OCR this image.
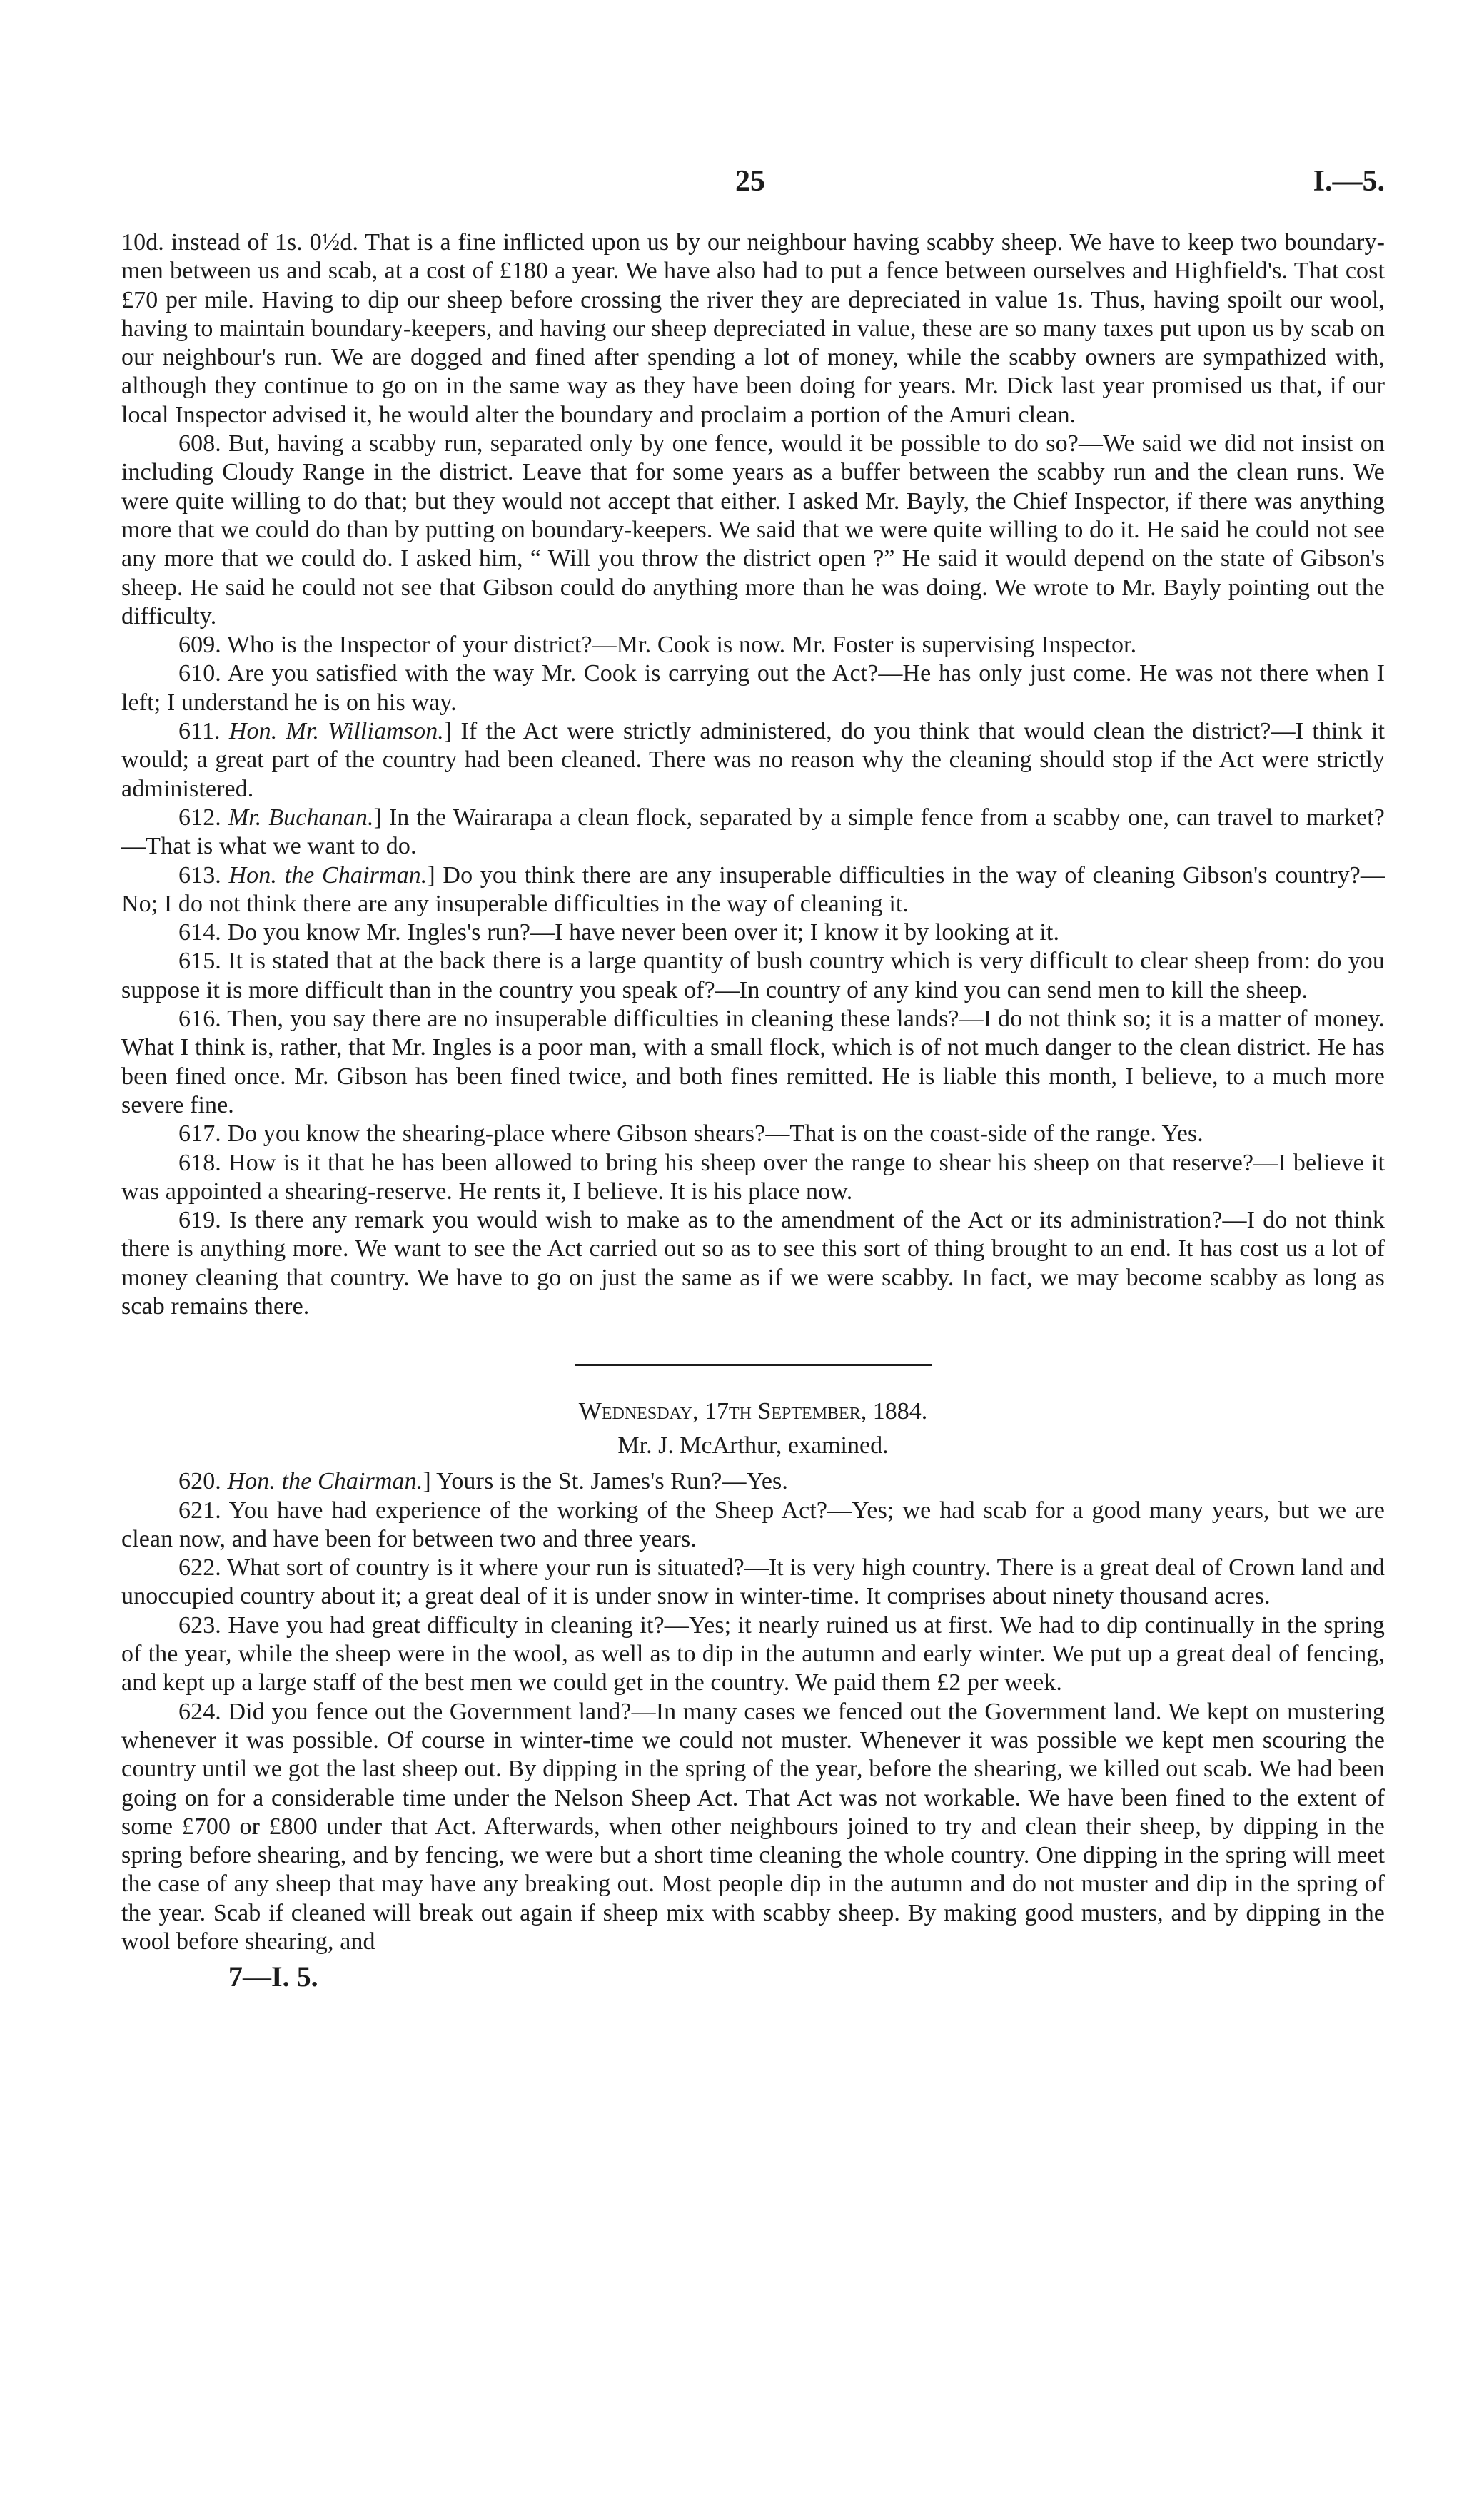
25	I.—5.

10d. instead of 1s. 0½d. That is a fine inflicted upon us by our neighbour having scabby sheep. We have to keep two boundary-men between us and scab, at a cost of £180 a year. We have also had to put a fence between ourselves and Highfield's. That cost £70 per mile. Having to dip our sheep before crossing the river they are depreciated in value 1s. Thus, having spoilt our wool, having to maintain boundary-keepers, and having our sheep depreciated in value, these are so many taxes put upon us by scab on our neighbour's run. We are dogged and fined after spending a lot of money, while the scabby owners are sympathized with, although they continue to go on in the same way as they have been doing for years. Mr. Dick last year promised us that, if our local Inspector advised it, he would alter the boundary and proclaim a portion of the Amuri clean.

608. But, having a scabby run, separated only by one fence, would it be possible to do so?—We said we did not insist on including Cloudy Range in the district. Leave that for some years as a buffer between the scabby run and the clean runs. We were quite willing to do that; but they would not accept that either. I asked Mr. Bayly, the Chief Inspector, if there was anything more that we could do than by putting on boundary-keepers. We said that we were quite willing to do it. He said he could not see any more that we could do. I asked him, “ Will you throw the district open ?” He said it would depend on the state of Gibson's sheep. He said he could not see that Gibson could do anything more than he was doing. We wrote to Mr. Bayly pointing out the difficulty.

609. Who is the Inspector of your district?—Mr. Cook is now. Mr. Foster is supervising Inspector.

610. Are you satisfied with the way Mr. Cook is carrying out the Act?—He has only just come. He was not there when I left; I understand he is on his way.

611. Hon. Mr. Williamson.] If the Act were strictly administered, do you think that would clean the district?—I think it would; a great part of the country had been cleaned. There was no reason why the cleaning should stop if the Act were strictly administered.

612. Mr. Buchanan.] In the Wairarapa a clean flock, separated by a simple fence from a scabby one, can travel to market?—That is what we want to do.

613. Hon. the Chairman.] Do you think there are any insuperable difficulties in the way of cleaning Gibson's country?—No; I do not think there are any insuperable difficulties in the way of cleaning it.

614. Do you know Mr. Ingles's run?—I have never been over it; I know it by looking at it.

615. It is stated that at the back there is a large quantity of bush country which is very difficult to clear sheep from: do you suppose it is more difficult than in the country you speak of?—In country of any kind you can send men to kill the sheep.

616. Then, you say there are no insuperable difficulties in cleaning these lands?—I do not think so; it is a matter of money. What I think is, rather, that Mr. Ingles is a poor man, with a small flock, which is of not much danger to the clean district. He has been fined once. Mr. Gibson has been fined twice, and both fines remitted. He is liable this month, I believe, to a much more severe fine.

617. Do you know the shearing-place where Gibson shears?—That is on the coast-side of the range. Yes.

618. How is it that he has been allowed to bring his sheep over the range to shear his sheep on that reserve?—I believe it was appointed a shearing-reserve. He rents it, I believe. It is his place now.

619. Is there any remark you would wish to make as to the amendment of the Act or its administration?—I do not think there is anything more. We want to see the Act carried out so as to see this sort of thing brought to an end. It has cost us a lot of money cleaning that country. We have to go on just the same as if we were scabby. In fact, we may become scabby as long as scab remains there.

Wednesday, 17th September, 1884.
Mr. J. McArthur, examined.

620. Hon. the Chairman.] Yours is the St. James's Run?—Yes.

621. You have had experience of the working of the Sheep Act?—Yes; we had scab for a good many years, but we are clean now, and have been for between two and three years.

622. What sort of country is it where your run is situated?—It is very high country. There is a great deal of Crown land and unoccupied country about it; a great deal of it is under snow in winter-time. It comprises about ninety thousand acres.

623. Have you had great difficulty in cleaning it?—Yes; it nearly ruined us at first. We had to dip continually in the spring of the year, while the sheep were in the wool, as well as to dip in the autumn and early winter. We put up a great deal of fencing, and kept up a large staff of the best men we could get in the country. We paid them £2 per week.

624. Did you fence out the Government land?—In many cases we fenced out the Government land. We kept on mustering whenever it was possible. Of course in winter-time we could not muster. Whenever it was possible we kept men scouring the country until we got the last sheep out. By dipping in the spring of the year, before the shearing, we killed out scab. We had been going on for a considerable time under the Nelson Sheep Act. That Act was not workable. We have been fined to the extent of some £700 or £800 under that Act. Afterwards, when other neighbours joined to try and clean their sheep, by dipping in the spring before shearing, and by fencing, we were but a short time cleaning the whole country. One dipping in the spring will meet the case of any sheep that may have any breaking out. Most people dip in the autumn and do not muster and dip in the spring of the year. Scab if cleaned will break out again if sheep mix with scabby sheep. By making good musters, and by dipping in the wool before shearing, and

7—I. 5.
